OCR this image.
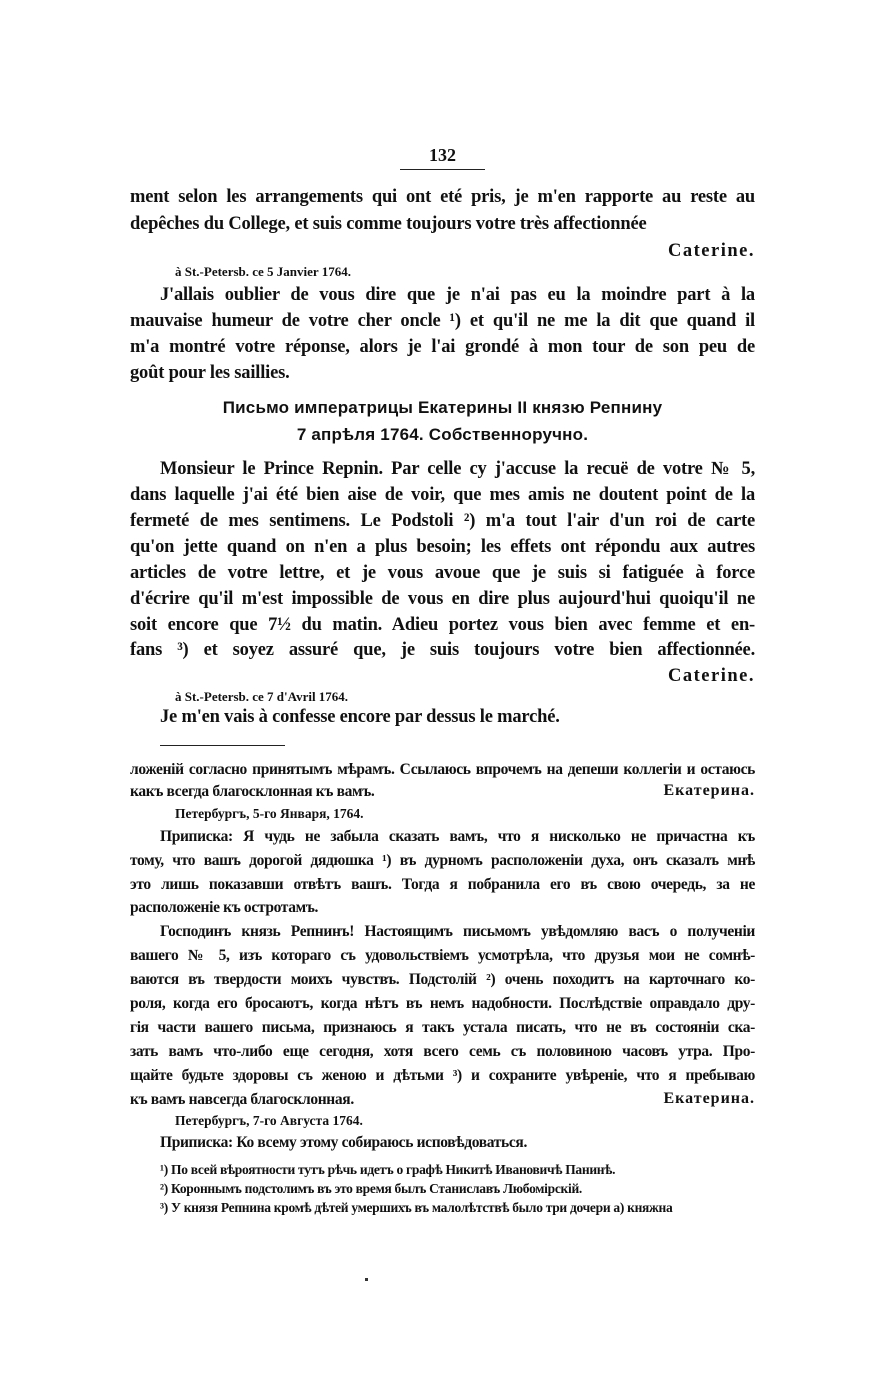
132
ment selon les arrangements qui ont eté pris, je m'en rapporte au reste au
depêches du College, et suis comme toujours votre très affectionnée
Caterine.
à St.-Petersb. ce 5 Janvier 1764.
J'allais oublier de vous dire que je n'ai pas eu la moindre part à la
mauvaise humeur de votre cher oncle ¹) et qu'il ne me la dit que quand il
m'a montré votre réponse, alors je l'ai grondé à mon tour de son peu de
goût pour les saillies.
Письмо императрицы Екатерины II князю Репнину
7 апрѣля 1764. Собственноручно.
Monsieur le Prince Repnin. Par celle cy j'accuse la recuë de votre № 5,
dans laquelle j'ai été bien aise de voir, que mes amis ne doutent point de la
fermeté de mes sentimens. Le Podstoli ²) m'a tout l'air d'un roi de carte
qu'on jette quand on n'en a plus besoin; les effets ont répondu aux autres
articles de votre lettre, et je vous avoue que je suis si fatiguée à force
d'écrire qu'il m'est impossible de vous en dire plus aujourd'hui quoiqu'il ne
soit encore que 7½ du matin. Adieu portez vous bien avec femme et en-
fans ³) et soyez assuré que, je suis toujours votre bien affectionnée.
Caterine.
à St.-Petersb. ce 7 d'Avril 1764.
Je m'en vais à confesse encore par dessus le marché.
ложеній согласно принятымъ мѣрамъ. Ссылаюсь впрочемъ на депеши коллегіи и остаюсь
какъ всегда благосклонная къ вамъ.	Екатерина.
Петербургъ, 5-го Января, 1764.
Приписка: Я чудь не забыла сказать вамъ, что я нисколько не причастна къ
тому, что вашъ дорогой дядюшка ¹) въ дурномъ расположеніи духа, онъ сказалъ мнѣ
это лишь показавши отвѣтъ вашъ. Тогда я побранила его въ свою очередь, за не
расположеніе къ остротамъ.
Господинъ князь Репнинъ! Настоящимъ письмомъ увѣдомляю васъ о полученіи
вашего № 5, изъ котораго съ удовольствіемъ усмотрѣла, что друзья мои не сомнѣ-
ваются въ твердости моихъ чувствъ. Подстолій ²) очень походитъ на карточнаго ко-
роля, когда его бросаютъ, когда нѣтъ въ немъ надобности. Послѣдствіе оправдало дру-
гія части вашего письма, признаюсь я такъ устала писать, что не въ состояніи ска-
зать вамъ что-либо еще сегодня, хотя всего семь съ половиною часовъ утра. Про-
щайте будьте здоровы съ женою и дѣтьми ³) и сохраните увѣреніе, что я пребываю
къ вамъ навсегда благосклонная.	Екатерина.
Петербургъ, 7-го Августа 1764.
Приписка: Ко всему этому собираюсь исповѣдоваться.
¹) По всей вѣроятности тутъ рѣчь идетъ о графѣ Никитѣ Ивановичѣ Панинѣ.
²) Короннымъ подстолимъ въ это время былъ Станиславъ Любомірскій.
³) У князя Репнина кромѣ дѣтей умершихъ въ малолѣтствѣ было три дочери а) княжна
